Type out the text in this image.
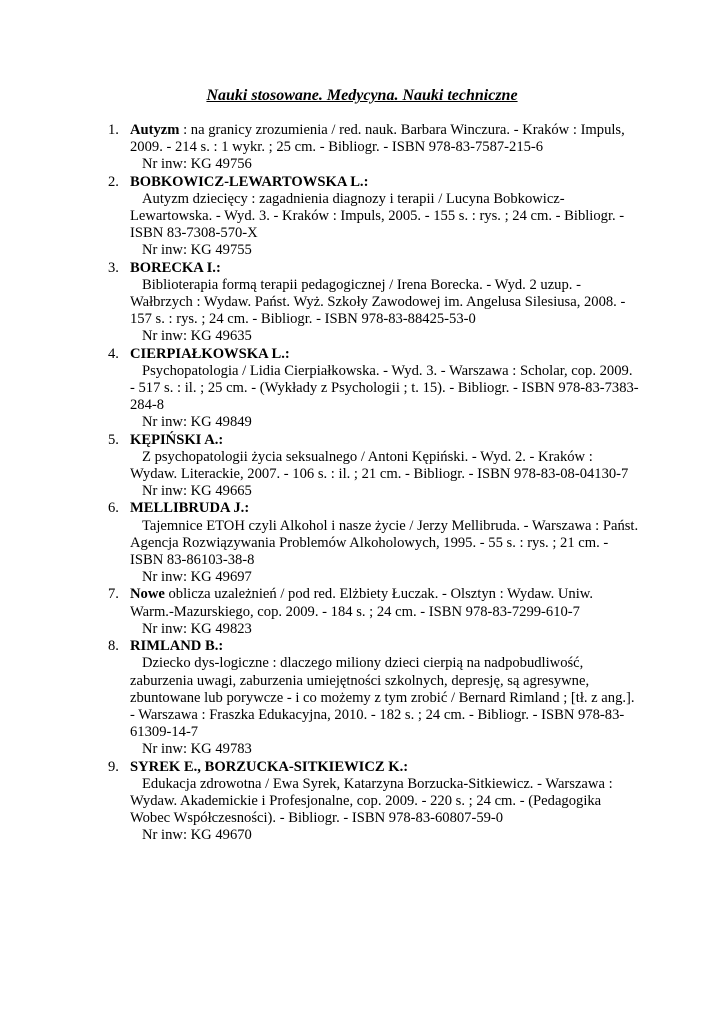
Nauki stosowane. Medycyna. Nauki techniczne
1. Autyzm : na granicy zrozumienia / red. nauk. Barbara Winczura. - Kraków : Impuls, 2009. - 214 s. : 1 wykr. ; 25 cm. - Bibliogr. - ISBN 978-83-7587-215-6
Nr inw: KG 49756
2. BOBKOWICZ-LEWARTOWSKA L.:
Autyzm dziecięcy : zagadnienia diagnozy i terapii / Lucyna Bobkowicz-Lewartowska. - Wyd. 3. - Kraków : Impuls, 2005. - 155 s. : rys. ; 24 cm. - Bibliogr. - ISBN 83-7308-570-X
Nr inw: KG 49755
3. BORECKA I.:
Biblioterapia formą terapii pedagogicznej / Irena Borecka. - Wyd. 2 uzup. - Wałbrzych : Wydaw. Państ. Wyż. Szkoły Zawodowej im. Angelusa Silesiusa, 2008. - 157 s. : rys. ; 24 cm. - Bibliogr. - ISBN 978-83-88425-53-0
Nr inw: KG 49635
4. CIERPIAŁKOWSKA L.:
Psychopatologia / Lidia Cierpiałkowska. - Wyd. 3. - Warszawa : Scholar, cop. 2009. - 517 s. : il. ; 25 cm. - (Wykłady z Psychologii ; t. 15). - Bibliogr. - ISBN 978-83-7383-284-8
Nr inw: KG 49849
5. KĘPIŃSKI A.:
Z psychopatologii życia seksualnego / Antoni Kępiński. - Wyd. 2. - Kraków : Wydaw. Literackie, 2007. - 106 s. : il. ; 21 cm. - Bibliogr. - ISBN 978-83-08-04130-7
Nr inw: KG 49665
6. MELLIBRUDA J.:
Tajemnice ETOH czyli Alkohol i nasze życie / Jerzy Mellibruda. - Warszawa : Państ. Agencja Rozwiązywania Problemów Alkoholowych, 1995. - 55 s. : rys. ; 21 cm. - ISBN 83-86103-38-8
Nr inw: KG 49697
7. Nowe oblicza uzależnień / pod red. Elżbiety Łuczak. - Olsztyn : Wydaw. Uniw. Warm.-Mazurskiego, cop. 2009. - 184 s. ; 24 cm. - ISBN 978-83-7299-610-7
Nr inw: KG 49823
8. RIMLAND B.:
Dziecko dys-logiczne : dlaczego miliony dzieci cierpią na nadpobudliwość, zaburzenia uwagi, zaburzenia umiejętności szkolnych, depresję, są agresywne, zbuntowane lub porywcze - i co możemy z tym zrobić / Bernard Rimland ; [tł. z ang.]. - Warszawa : Fraszka Edukacyjna, 2010. - 182 s. ; 24 cm. - Bibliogr. - ISBN 978-83-61309-14-7
Nr inw: KG 49783
9. SYREK E., BORZUCKA-SITKIEWICZ K.:
Edukacja zdrowotna / Ewa Syrek, Katarzyna Borzucka-Sitkiewicz. - Warszawa : Wydaw. Akademickie i Profesjonalne, cop. 2009. - 220 s. ; 24 cm. - (Pedagogika Wobec Współczesności). - Bibliogr. - ISBN 978-83-60807-59-0
Nr inw: KG 49670
